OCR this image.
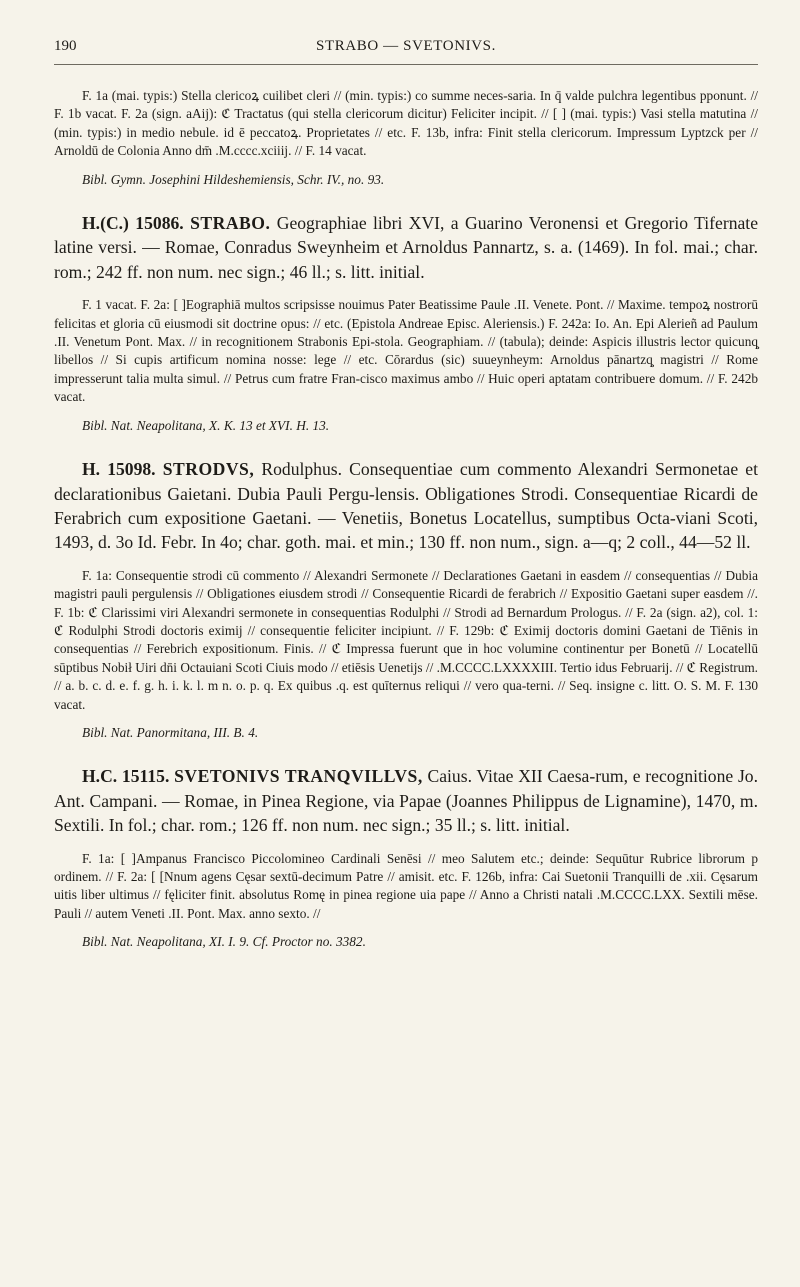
190	STRABO — SVETONIVS.

F. 1a (mai. typis:) Stella clericoꝝ cuilibet cleri // (min. typis:) co summe neces-saria. In q̄ valde pulchra legentibus pponunt. // F. 1b vacat. F. 2a (sign. aAij): ℭ Tractatus (qui stella clericorum dicitur) Feliciter incipit. // [ ] (mai. typis:) Vasi stella matutina // (min. typis:) in medio nebule. id ē peccatoꝝ. Proprietates // etc. F. 13b, infra: Finit stella clericorum. Impressum Lyptzck per // Arnoldū de Colonia Anno dm̄ .M.cccc.xciiij. // F. 14 vacat.

Bibl. Gymn. Josephini Hildeshemiensis, Schr. IV., no. 93.

H.(C.) 15086. STRABO. Geographiae libri XVI, a Guarino Veronensi et Gregorio Tifernate latine versi. — Romae, Conradus Sweynheim et Arnoldus Pannartz, s. a. (1469). In fol. mai.; char. rom.; 242 ff. non num. nec sign.; 46 ll.; s. litt. initial.

F. 1 vacat. F. 2a: [ ]Eographiā multos scripsisse nouimus Pater Beatissime Paule .II. Venete. Pont. // Maxime. tempoꝝ nostrorū felicitas et gloria cū eiusmodi sit doctrine opus: // etc. (Epistola Andreae Episc. Aleriensis.) F. 242a: Io. An. Epi Alerieñ ad Paulum .II. Venetum Pont. Max. // in recognitionem Strabonis Epi-stola. Geographiam. // (tabula); deinde: Aspicis illustris lector quicunq̧ libellos // Si cupis artificum nomina nosse: lege // etc. Cōrardus (sic) suueynheym: Arnoldus pānartzq̧ magistri // Rome impresserunt talia multa simul. // Petrus cum fratre Fran-cisco maximus ambo // Huic operi aptatam contribuere domum. // F. 242b vacat.

Bibl. Nat. Neapolitana, X. K. 13 et XVI. H. 13.

H. 15098. STRODVS, Rodulphus. Consequentiae cum commento Alexandri Sermonetae et declarationibus Gaietani. Dubia Pauli Pergu-lensis. Obligationes Strodi. Consequentiae Ricardi de Ferabrich cum expositione Gaetani. — Venetiis, Bonetus Locatellus, sumptibus Octa-viani Scoti, 1493, d. 3o Id. Febr. In 4o; char. goth. mai. et min.; 130 ff. non num., sign. a—q; 2 coll., 44—52 ll.

F. 1a: Consequentie strodi cū commento // Alexandri Sermonete // Declarationes Gaetani in easdem // consequentias // Dubia magistri pauli pergulensis // Obligationes eiusdem strodi // Consequentie Ricardi de ferabrich // Expositio Gaetani super easdem //. F. 1b: ℭ Clarissimi viri Alexandri sermonete in consequentias Rodulphi // Strodi ad Bernardum Prologus. // F. 2a (sign. a2), col. 1: ℭ Rodulphi Strodi doctoris eximij // consequentie feliciter incipiunt. // F. 129b: ℭ Eximij doctoris domini Gaetani de Tiēnis in consequentias // Ferebrich expositionum. Finis. // ℭ Impressa fuerunt que in hoc volumine continentur per Bonetū // Locatellū sūptibus Nobił Uiri dn̄i Octauiani Scoti Ciuis modo // etiēsis Uenetijs // .M.CCCC.LXXXXIII. Tertio idus Februarij. // ℭ Registrum. // a. b. c. d. e. f. g. h. i. k. l. m n. o. p. q. Ex quibus .q. est quīternus reliqui // vero qua-terni. // Seq. insigne c. litt. O. S. M. F. 130 vacat.

Bibl. Nat. Panormitana, III. B. 4.

H.C. 15115. SVETONIVS TRANQVILLVS, Caius. Vitae XII Caesa-rum, e recognitione Jo. Ant. Campani. — Romae, in Pinea Regione, via Papae (Joannes Philippus de Lignamine), 1470, m. Sextili. In fol.; char. rom.; 126 ff. non num. nec sign.; 35 ll.; s. litt. initial.

F. 1a: [ ]Ampanus Francisco Piccolomineo Cardinali Senēsi // meo Salutem etc.; deinde: Sequūtur Rubrice librorum p ordinem. // F. 2a: [ [Nnum agens Cęsar sextū-decimum Patre // amisit. etc. F. 126b, infra: Cai Suetonii Tranquilli de .xii. Cęsarum uitis liber ultimus // fęliciter finit. absolutus Romę in pinea regione uia pape // Anno a Christi natali .M.CCCC.LXX. Sextili mēse. Pauli // autem Veneti .II. Pont. Max. anno sexto. //

Bibl. Nat. Neapolitana, XI. I. 9. Cf. Proctor no. 3382.
